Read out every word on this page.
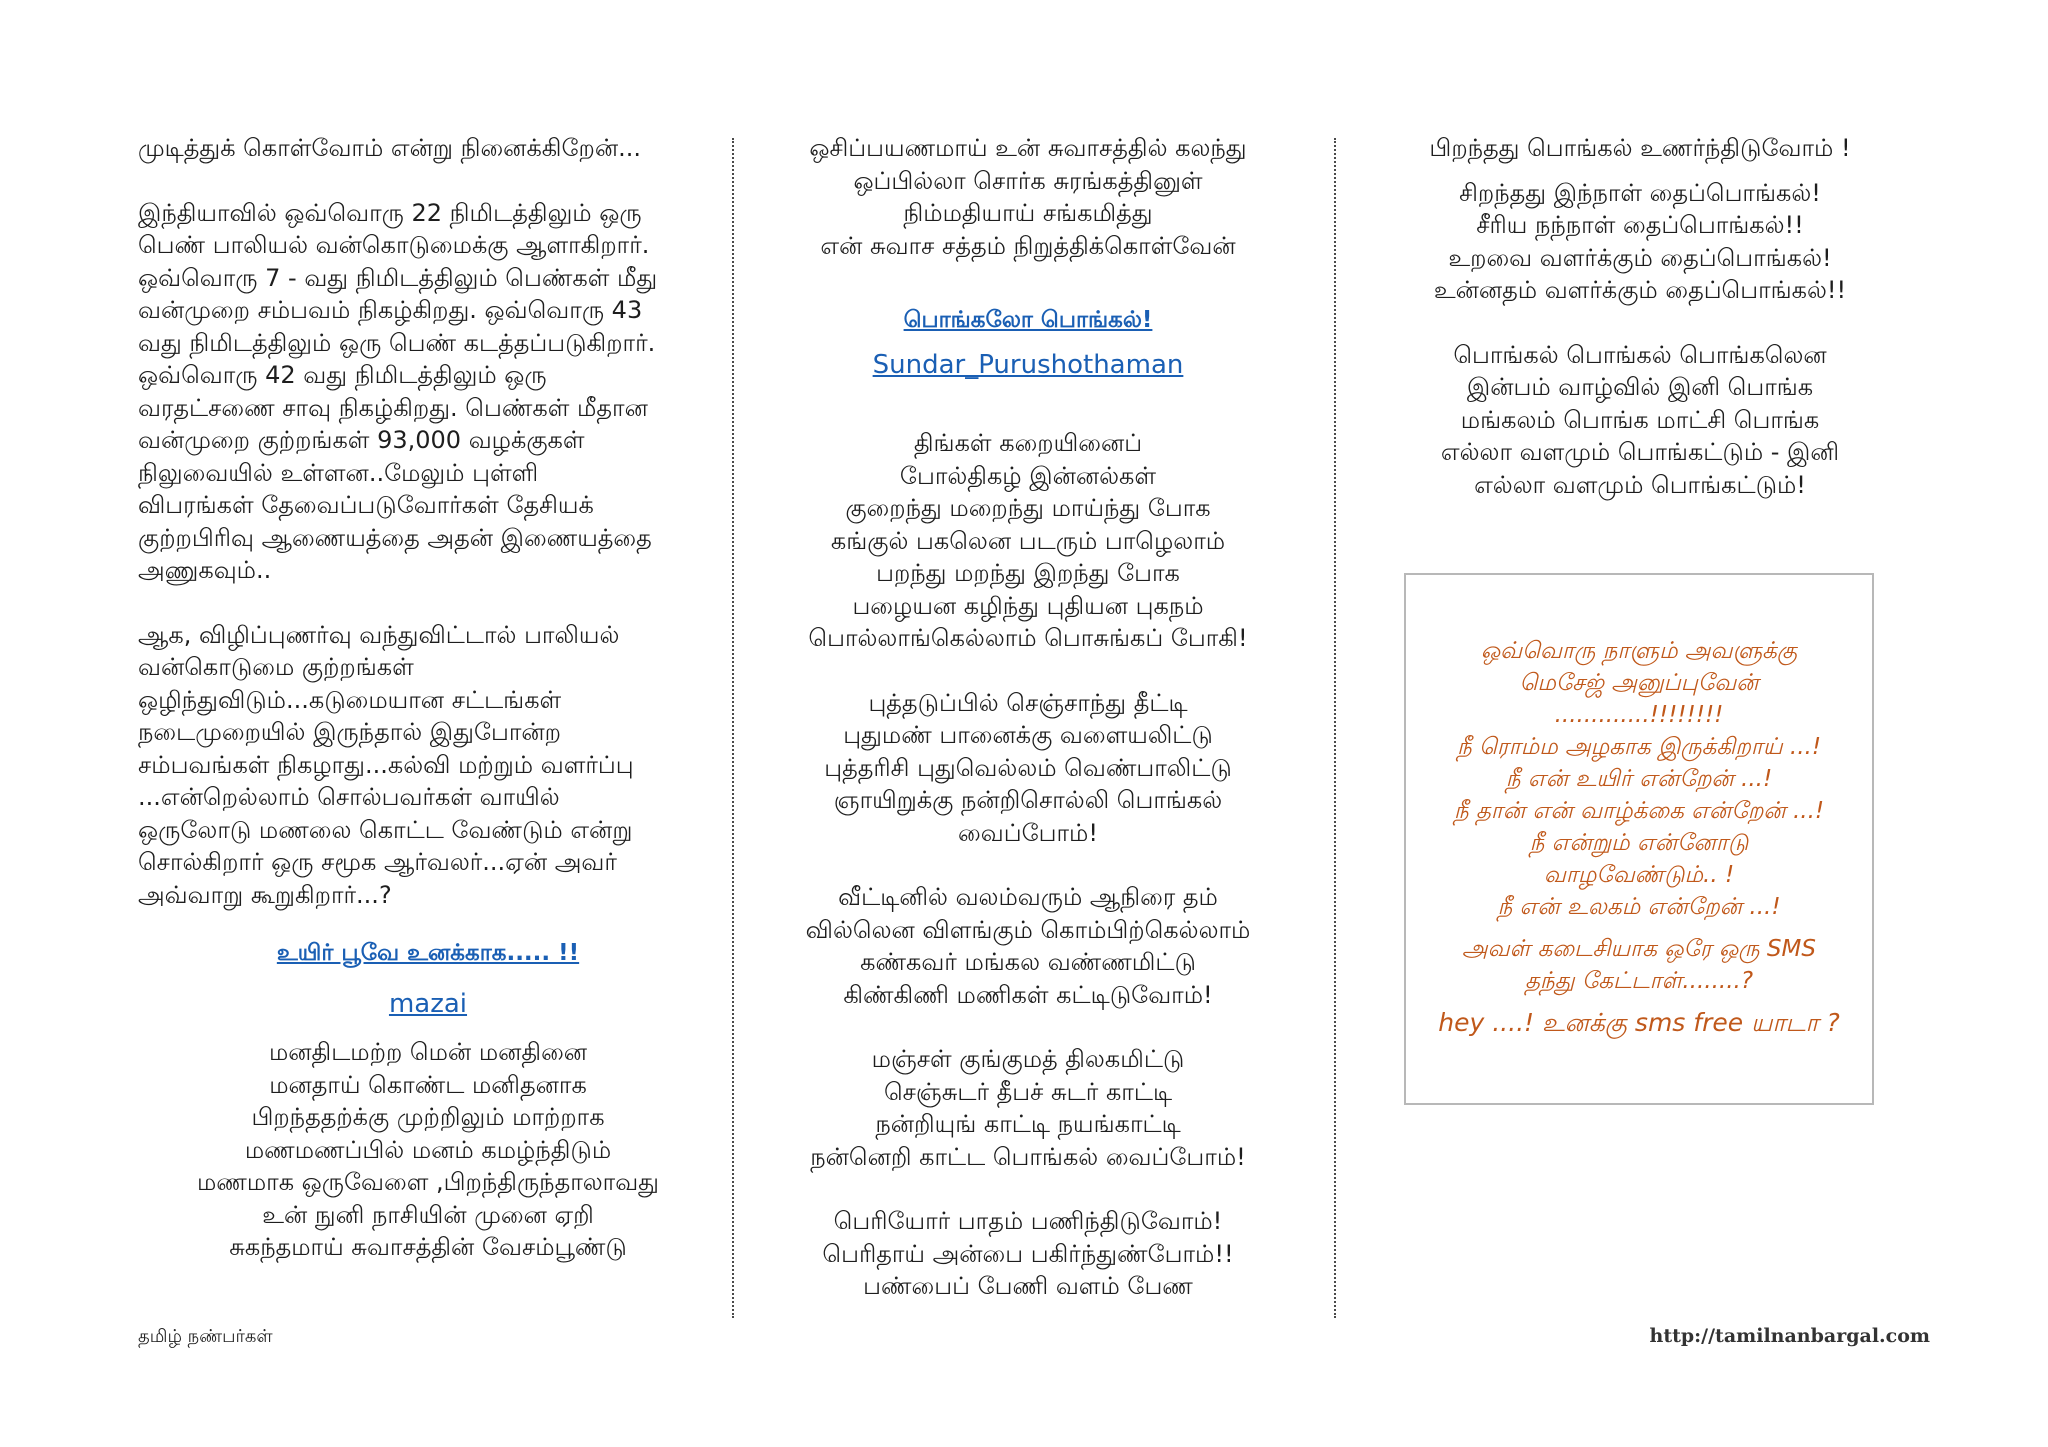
முடித்துக் கொள்வோம் என்று நினைக்கிறேன்...

இந்தியாவில் ஒவ்வொரு 22 நிமிடத்திலும் ஒரு
பெண் பாலியல் வன்கொடுமைக்கு ஆளாகிறார்.
ஒவ்வொரு 7 - வது நிமிடத்திலும் பெண்கள் மீது
வன்முறை சம்பவம் நிகழ்கிறது. ஒவ்வொரு 43
வது நிமிடத்திலும் ஒரு பெண் கடத்தப்படுகிறார்.
ஒவ்வொரு 42 வது நிமிடத்திலும் ஒரு
வரதட்சணை சாவு நிகழ்கிறது. பெண்கள் மீதான
வன்முறை குற்றங்கள் 93,000 வழக்குகள்
நிலுவையில் உள்ளன..மேலும் புள்ளி
விபரங்கள் தேவைப்படுவோர்கள் தேசியக்
குற்றபிரிவு ஆணையத்தை அதன் இணையத்தை
அணுகவும்..
ஆக, விழிப்புணர்வு வந்துவிட்டால் பாலியல்
வன்கொடுமை குற்றங்கள்
ஒழிந்துவிடும்...கடுமையான சட்டங்கள்
நடைமுறையில் இருந்தால் இதுபோன்ற
சம்பவங்கள் நிகழாது...கல்வி மற்றும் வளர்ப்பு
...என்றெல்லாம் சொல்பவர்கள் வாயில்
ஒருலோடு மணலை கொட்ட வேண்டும் என்று
சொல்கிறார் ஒரு சமூக ஆர்வலர்...ஏன் அவர்
அவ்வாறு கூறுகிறார்...?
உயிர் பூவே உனக்காக..... !!
mazai
மனதிடமற்ற மென் மனதினை
மனதாய் கொண்ட மனிதனாக
பிறந்ததற்க்கு முற்றிலும் மாற்றாக
மணமணப்பில் மனம் கமழ்ந்திடும்
மணமாக ஒருவேளை ,பிறந்திருந்தாலாவது
உன் நுனி நாசியின் முனை ஏறி
சுகந்தமாய் சுவாசத்தின் வேசம்பூண்டு
ஒசிப்பயணமாய் உன் சுவாசத்தில் கலந்து
ஒப்பில்லா சொர்க சுரங்கத்தினுள்
நிம்மதியாய் சங்கமித்து
என் சுவாச சத்தம் நிறுத்திக்கொள்வேன்
பொங்கலோ பொங்கல்!
Sundar_Purushothaman
திங்கள் கறையினைப்
போல்திகழ் இன்னல்கள்
குறைந்து மறைந்து மாய்ந்து போக
கங்குல் பகலென படரும் பாழெலாம்
பறந்து மறந்து இறந்து போக
பழையன கழிந்து புதியன புகநம்
பொல்லாங்கெல்லாம் பொசுங்கப் போகி!
புத்தடுப்பில் செஞ்சாந்து தீட்டி
புதுமண் பானைக்கு வளையலிட்டு
புத்தரிசி புதுவெல்லம் வெண்பாலிட்டு
ஞாயிறுக்கு நன்றிசொல்லி பொங்கல்
வைப்போம்!
வீட்டினில் வலம்வரும் ஆநிரை தம்
வில்லென விளங்கும் கொம்பிற்கெல்லாம்
கண்கவர் மங்கல வண்ணமிட்டு
கிண்கிணி மணிகள் கட்டிடுவோம்!
மஞ்சள் குங்குமத் திலகமிட்டு
செஞ்சுடர் தீபச் சுடர் காட்டி
நன்றியுங் காட்டி நயங்காட்டி
நன்னெறி காட்ட பொங்கல் வைப்போம்!
பெரியோர் பாதம் பணிந்திடுவோம்!
பெரிதாய் அன்பை பகிர்ந்துண்போம்!!
பண்பைப் பேணி வளம் பேண
பிறந்தது பொங்கல் உணர்ந்திடுவோம் !
சிறந்தது இந்நாள் தைப்பொங்கல்!
சீரிய நந்நாள் தைப்பொங்கல்!!
உறவை வளர்க்கும் தைப்பொங்கல்!
உன்னதம் வளர்க்கும் தைப்பொங்கல்!!
பொங்கல் பொங்கல் பொங்கலென
இன்பம் வாழ்வில் இனி பொங்க
மங்கலம் பொங்க மாட்சி பொங்க
எல்லா வளமும் பொங்கட்டும் - இனி
எல்லா வளமும் பொங்கட்டும்!
ஒவ்வொரு நாளும் அவளுக்கு
மெசேஜ் அனுப்புவேன்
.............!!!!!!!!
நீ ரொம்ம அழகாக இருக்கிறாய் ...!
நீ என் உயிர் என்றேன் ...!
நீ தான் என் வாழ்க்கை என்றேன் ...!
நீ என்றும் என்னோடு
வாழவேண்டும்.. !
நீ என் உலகம் என்றேன் ...!
அவள் கடைசியாக ஒரே ஒரு SMS
தந்து கேட்டாள்........?
hey ....! உனக்கு sms free யாடா ?
தமிழ் நண்பர்கள்	http://tamilnanbargal.com
